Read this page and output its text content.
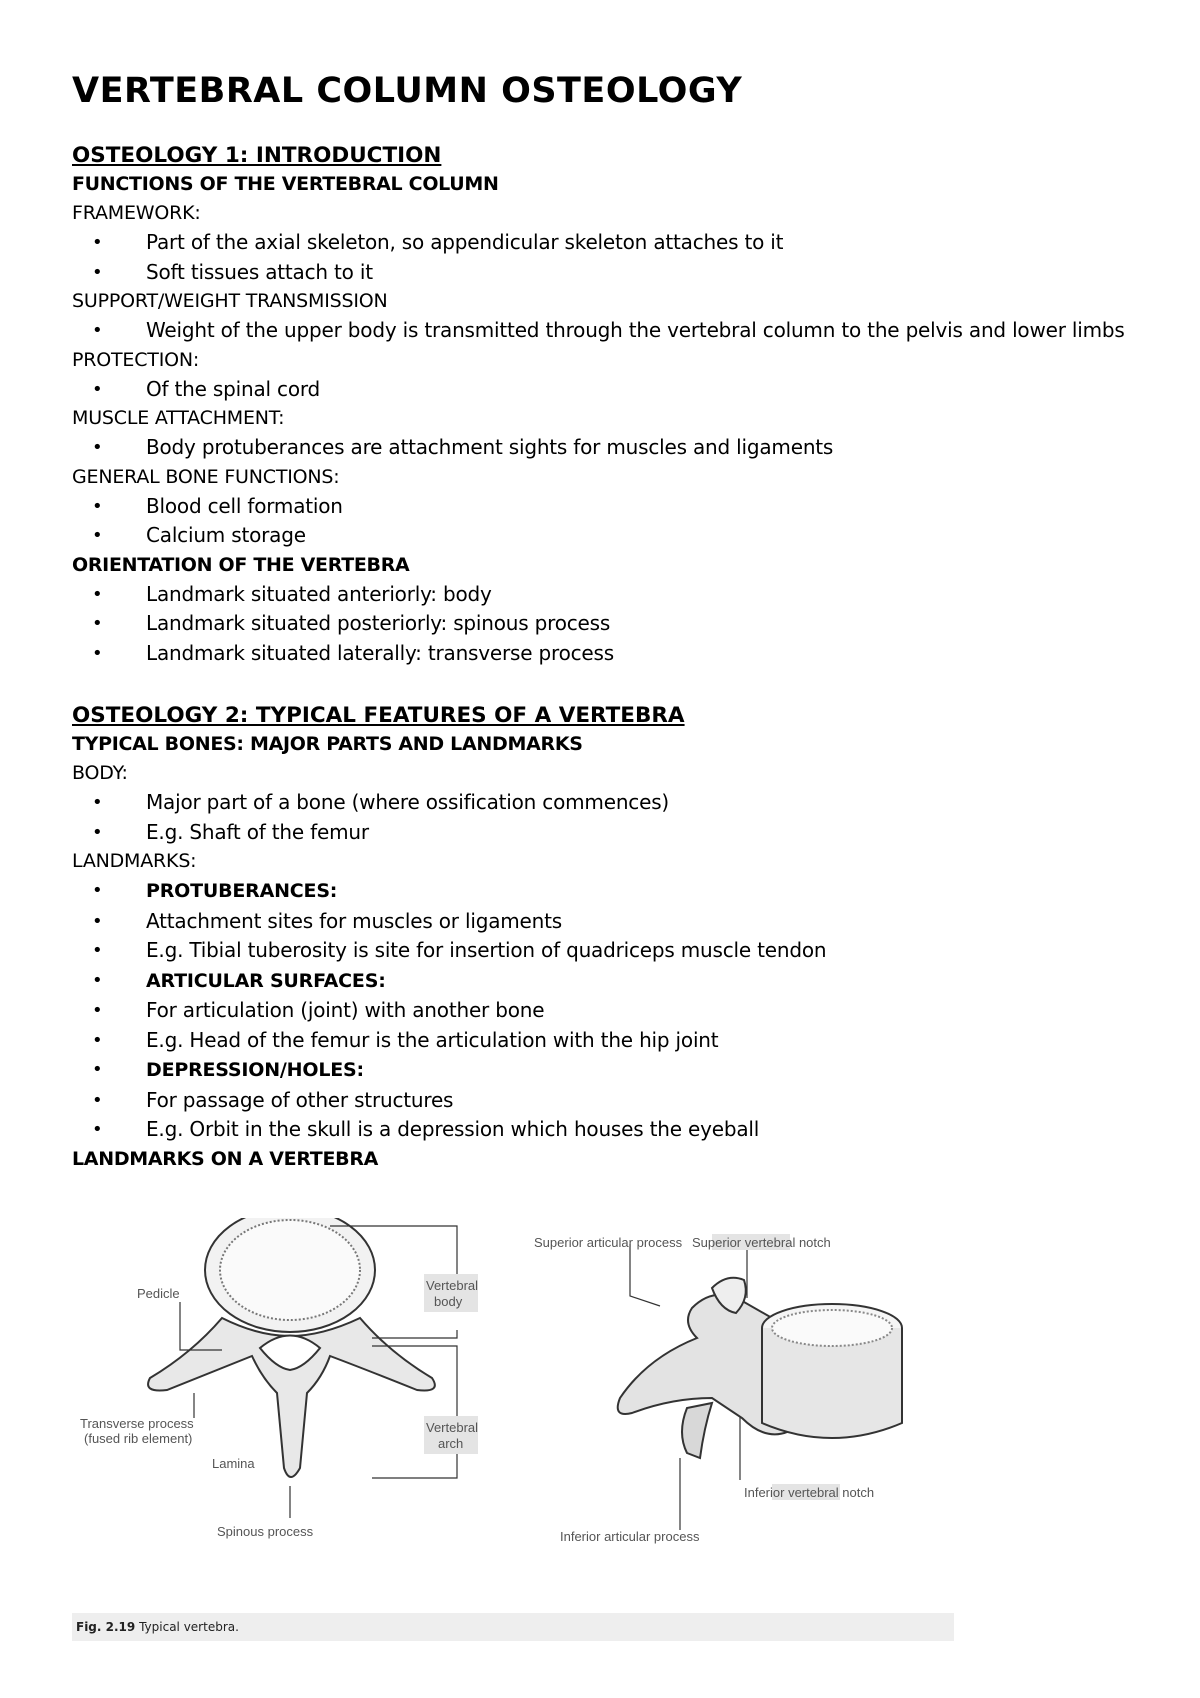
VERTEBRAL COLUMN OSTEOLOGY
OSTEOLOGY 1: INTRODUCTION
FUNCTIONS OF THE VERTEBRAL COLUMN
FRAMEWORK:
• Part of the axial skeleton, so appendicular skeleton attaches to it
• Soft tissues attach to it
SUPPORT/WEIGHT TRANSMISSION
• Weight of the upper body is transmitted through the vertebral column to the pelvis and lower limbs
PROTECTION:
• Of the spinal cord
MUSCLE ATTACHMENT:
• Body protuberances are attachment sights for muscles and ligaments
GENERAL BONE FUNCTIONS:
• Blood cell formation
• Calcium storage
ORIENTATION OF THE VERTEBRA
• Landmark situated anteriorly: body
• Landmark situated posteriorly: spinous process
• Landmark situated laterally: transverse process
OSTEOLOGY 2: TYPICAL FEATURES OF A VERTEBRA
TYPICAL BONES: MAJOR PARTS AND LANDMARKS
BODY:
• Major part of a bone (where ossification commences)
• E.g. Shaft of the femur
LANDMARKS:
• PROTUBERANCES:
• Attachment sites for muscles or ligaments
• E.g. Tibial tuberosity is site for insertion of quadriceps muscle tendon
• ARTICULAR SURFACES:
• For articulation (joint) with another bone
• E.g. Head of the femur is the articulation with the hip joint
• DEPRESSION/HOLES:
• For passage of other structures
• E.g. Orbit in the skull is a depression which houses the eyeball
LANDMARKS ON A VERTEBRA
Pedicle
Vertebral
body
Transverse process
(fused rib element)
Lamina
Vertebral
arch
Spinous process
Superior articular process Superior vertebral notch
Inferior vertebral notch
Inferior articular process
Fig. 2.19 Typical vertebra.
